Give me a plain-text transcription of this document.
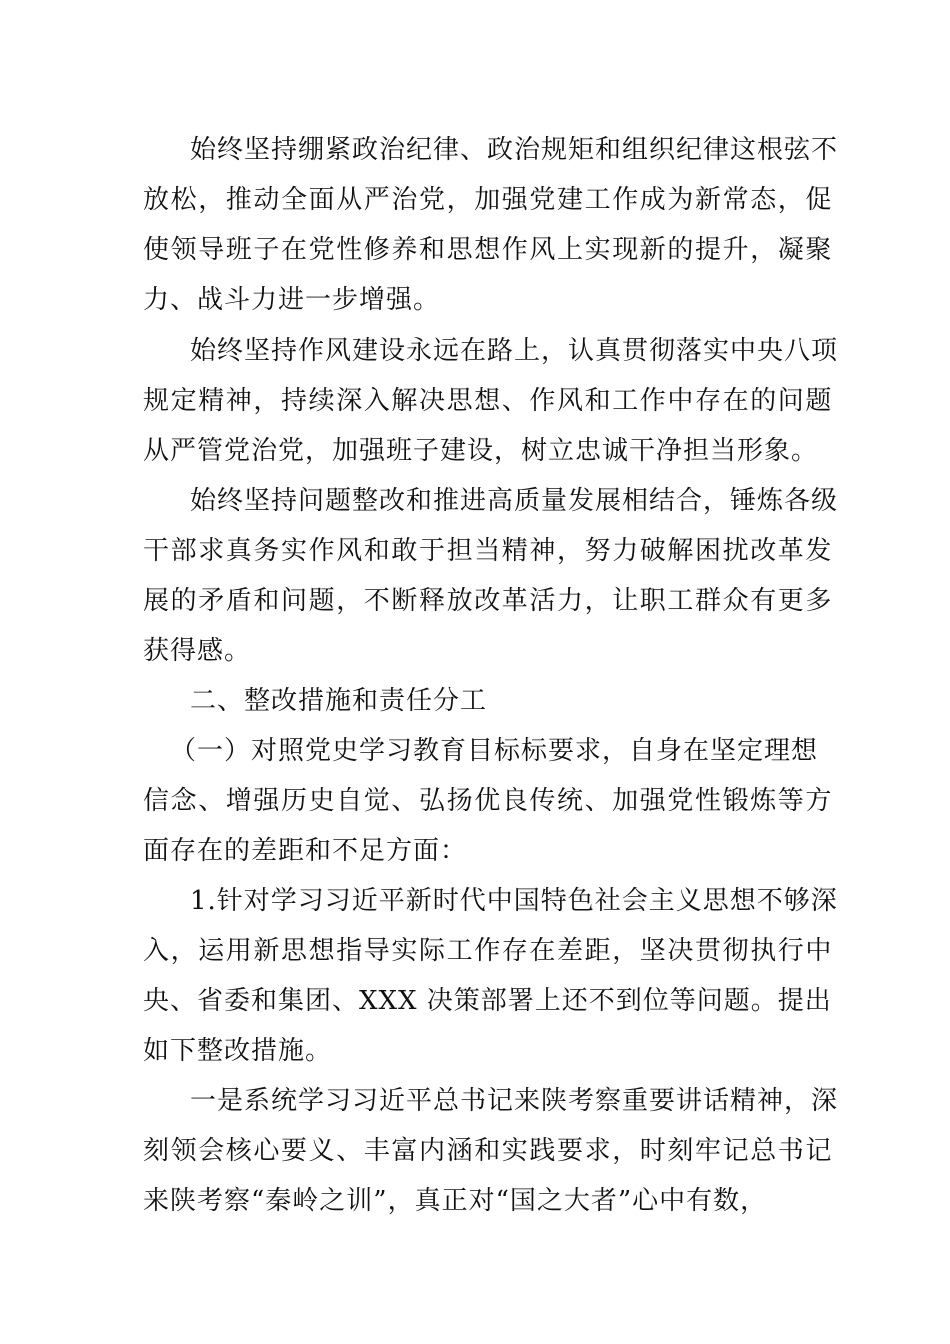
始终坚持绷紧政治纪律、政治规矩和组织纪律这根弦不
放松，推动全面从严治党，加强党建工作成为新常态，促
使领导班子在党性修养和思想作风上实现新的提升，凝聚
力、战斗力进一步增强。
始终坚持作风建设永远在路上，认真贯彻落实中央八项
规定精神，持续深入解决思想、作风和工作中存在的问题
从严管党治党，加强班子建设，树立忠诚干净担当形象。
始终坚持问题整改和推进高质量发展相结合，锤炼各级
干部求真务实作风和敢于担当精神，努力破解困扰改革发
展的矛盾和问题，不断释放改革活力，让职工群众有更多
获得感。
二、整改措施和责任分工
（一）对照党史学习教育目标标要求，自身在坚定理想
信念、增强历史自觉、弘扬优良传统、加强党性锻炼等方
面存在的差距和不足方面：
1.针对学习习近平新时代中国特色社会主义思想不够深
入，运用新思想指导实际工作存在差距，坚决贯彻执行中
央、省委和集团、XXX 决策部署上还不到位等问题。提出
如下整改措施。
一是系统学习习近平总书记来陕考察重要讲话精神，深
刻领会核心要义、丰富内涵和实践要求，时刻牢记总书记
来陕考察“秦岭之训”，真正对“国之大者”心中有数，
